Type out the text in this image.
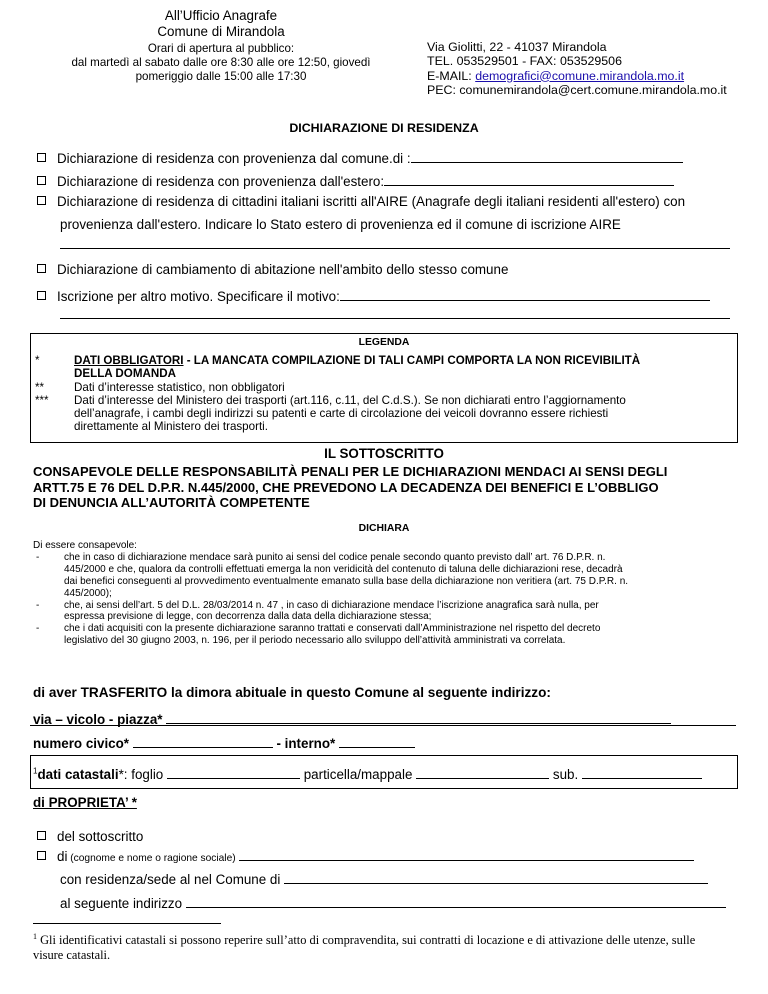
All’Ufficio Anagrafe
Comune di Mirandola
Orari di apertura al pubblico:
dal martedì al sabato dalle ore 8:30 alle ore 12:50, giovedì
pomeriggio dalle 15:00 alle 17:30
Via Giolitti, 22 - 41037 Mirandola
TEL. 053529501 - FAX: 053529506
E-MAIL: demografici@comune.mirandola.mo.it
PEC: comunemirandola@cert.comune.mirandola.mo.it
DICHIARAZIONE DI RESIDENZA
Dichiarazione di residenza con provenienza dal comune.di :
Dichiarazione di residenza con provenienza dall'estero:
Dichiarazione di residenza di cittadini italiani iscritti all'AIRE (Anagrafe degli italiani residenti all'estero) con
provenienza dall'estero. Indicare lo Stato estero di provenienza ed il comune di iscrizione AIRE
Dichiarazione di cambiamento di abitazione nell'ambito dello stesso comune
Iscrizione per altro motivo. Specificare il motivo:
LEGENDA
*	DATI OBBLIGATORI - LA MANCATA COMPILAZIONE DI TALI CAMPI COMPORTA LA NON RICEVIBILITÀ
DELLA DOMANDA
**	Dati d’interesse statistico, non obbligatori
***	Dati d’interesse del Ministero dei trasporti (art.116, c.11, del C.d.S.). Se non dichiarati entro l’aggiornamento
dell’anagrafe, i cambi degli indirizzi su patenti e carte di circolazione dei veicoli dovranno essere richiesti
direttamente al Ministero dei trasporti.
IL SOTTOSCRITTO
CONSAPEVOLE DELLE RESPONSABILITÀ PENALI PER LE DICHIARAZIONI MENDACI AI SENSI DEGLI
ARTT.75 E 76 DEL D.P.R. N.445/2000, CHE PREVEDONO LA DECADENZA DEI BENEFICI E L’OBBLIGO
DI DENUNCIA ALL’AUTORITÀ COMPETENTE
DICHIARA
Di essere consapevole:
-	che in caso di dichiarazione mendace sarà punito ai sensi del codice penale secondo quanto previsto dall’ art. 76 D.P.R. n.
445/2000 e che, qualora da controlli effettuati emerga la non veridicità del contenuto di taluna delle dichiarazioni rese, decadrà
dai benefici conseguenti al provvedimento eventualmente emanato sulla base della dichiarazione non veritiera (art. 75 D.P.R. n.
445/2000);
-	che, ai sensi dell’art. 5 del D.L. 28/03/2014 n. 47 , in caso di dichiarazione mendace l’iscrizione anagrafica sarà nulla, per
espressa previsione di legge, con decorrenza dalla data della dichiarazione stessa;
-	che i dati acquisiti con la presente dichiarazione saranno trattati e conservati dall’Amministrazione nel rispetto del decreto
legislativo del 30 giugno 2003, n. 196, per il periodo necessario allo sviluppo dell’attività amministrati va correlata.
di aver TRASFERITO la dimora abituale in questo Comune al seguente indirizzo:
via – vicolo - piazza*
numero civico*	- interno*
$^1$dati catastali*: foglio	particella/mappale	sub.
di PROPRIETA’ *
del sottoscritto
di (cognome e nome o ragione sociale)
con residenza/sede al nel Comune di
al seguente indirizzo
$^1$ Gli identificativi catastali si possono reperire sull’atto di compravendita, sui contratti di locazione e di attivazione delle utenze, sulle
visure catastali.
